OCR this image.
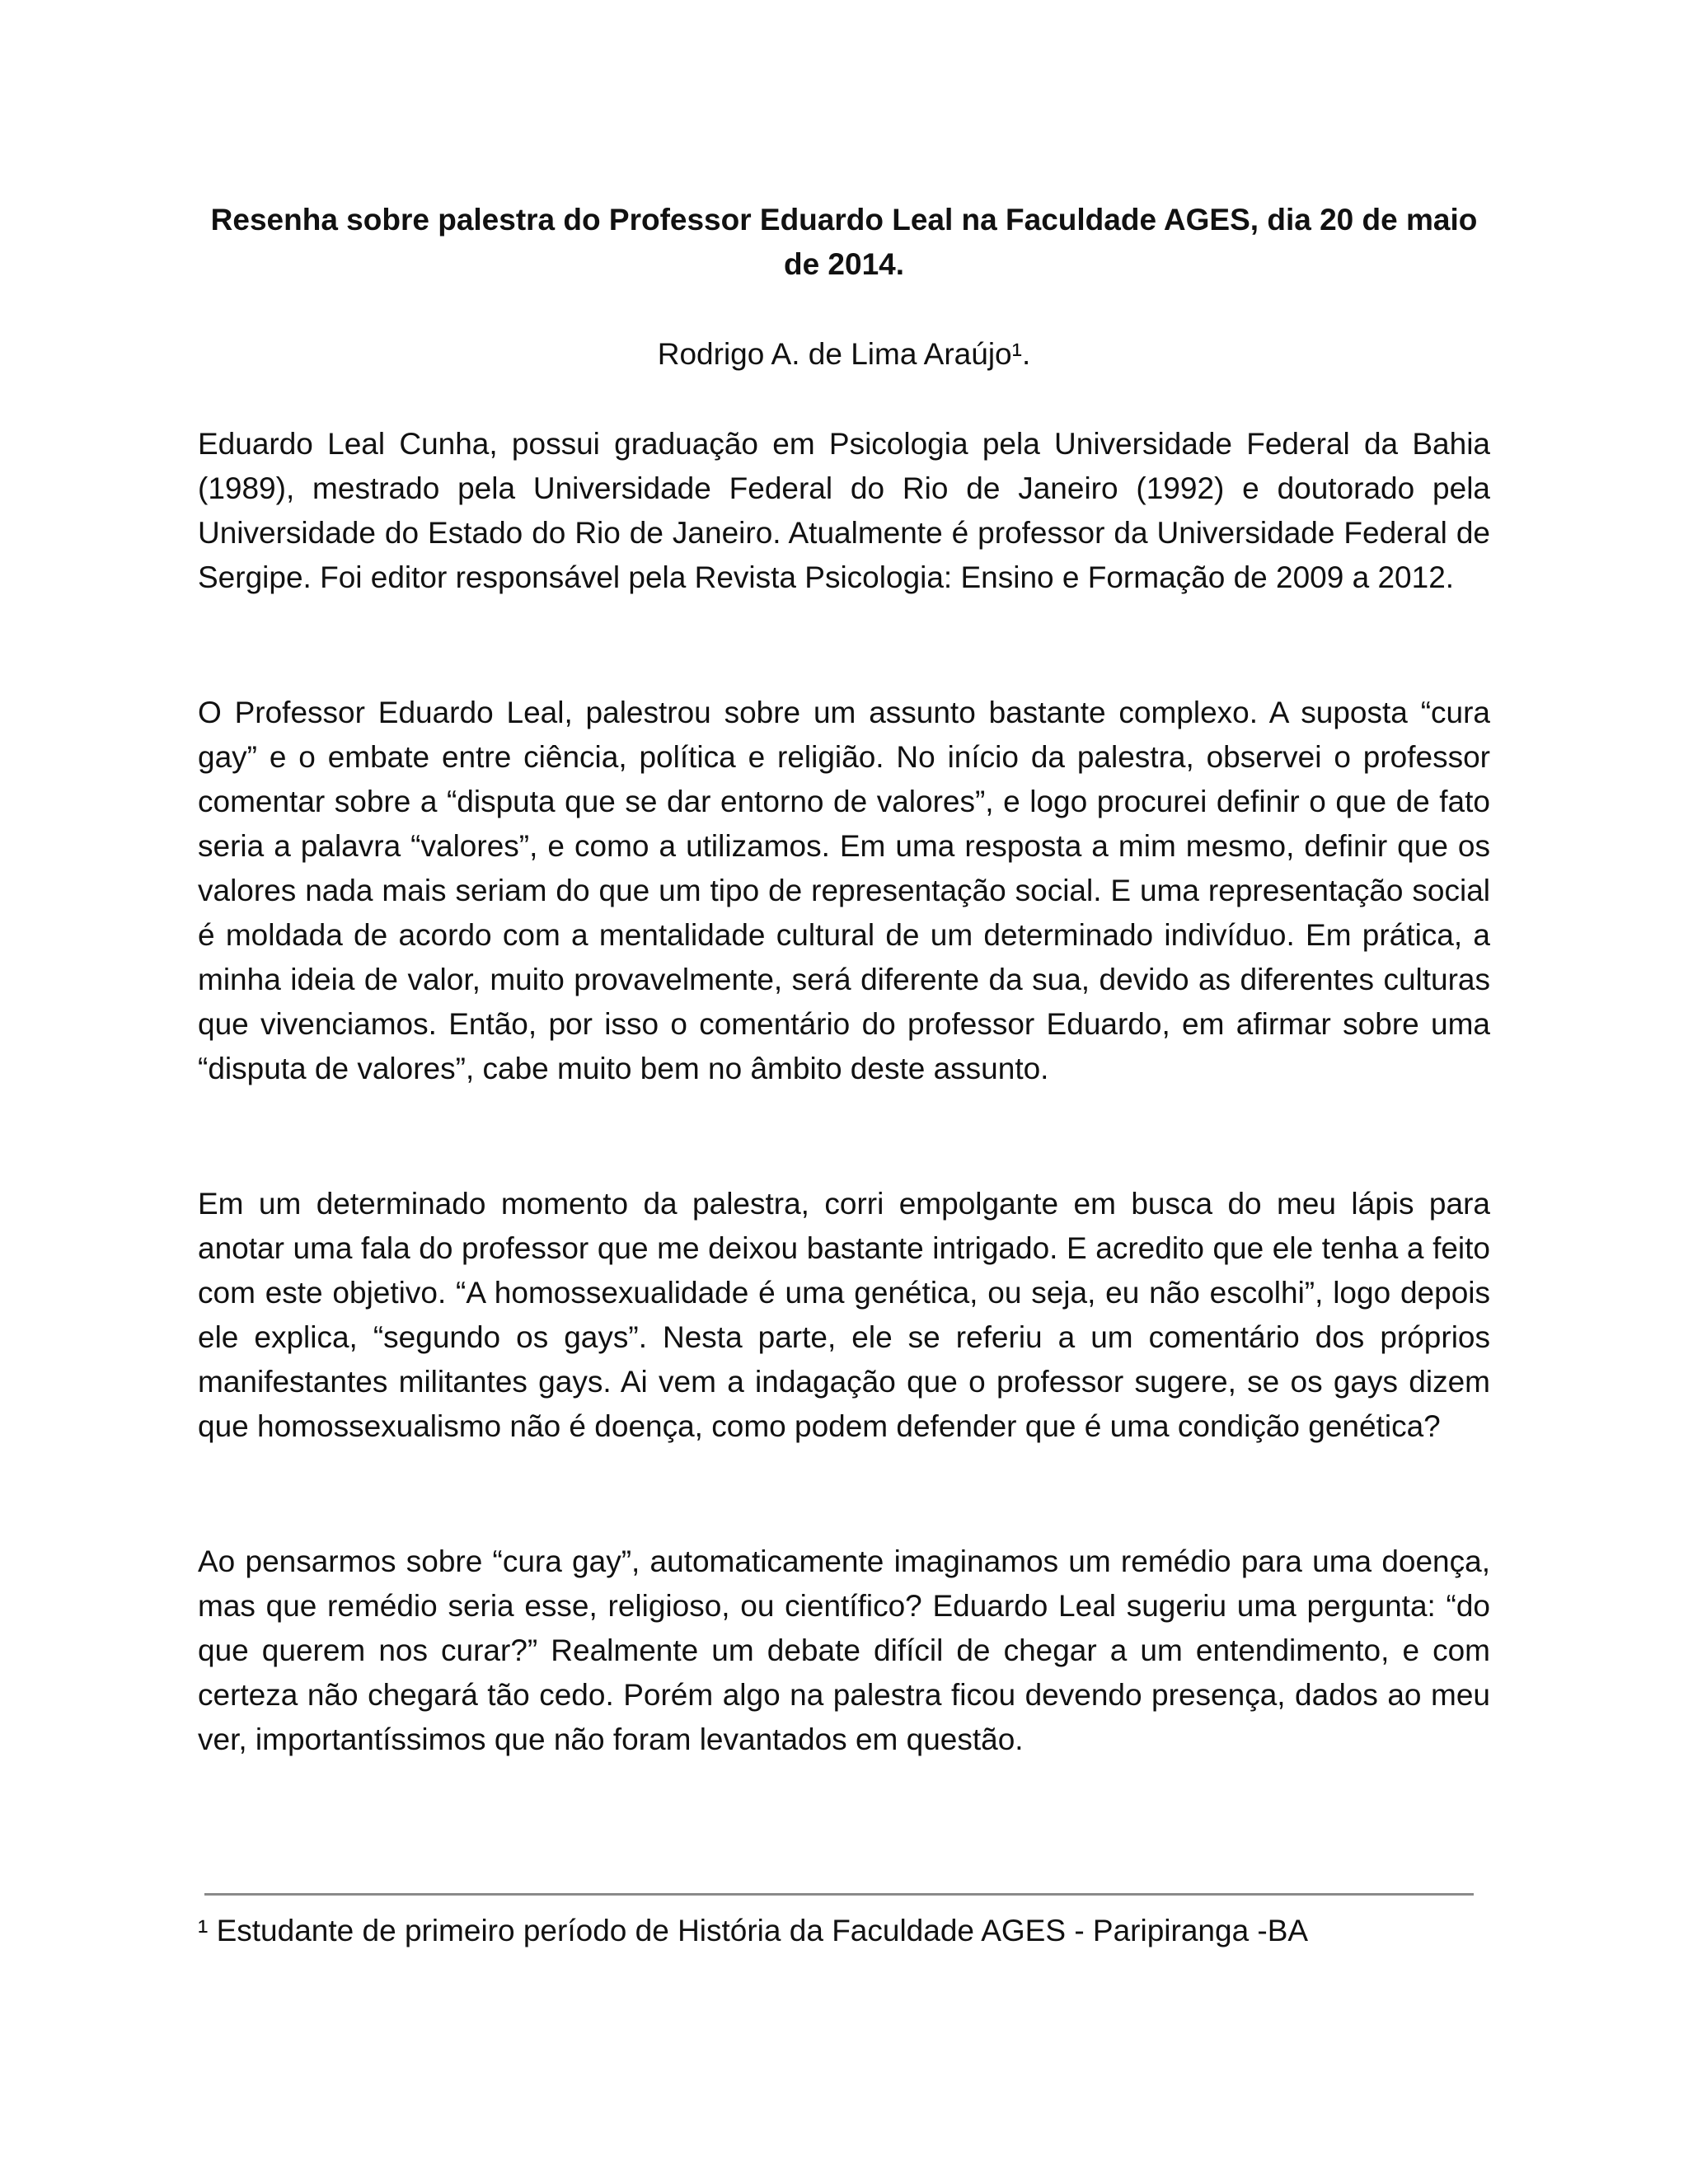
Resenha sobre palestra do Professor Eduardo Leal na Faculdade AGES, dia 20 de maio de 2014.

Rodrigo A. de Lima Araújo¹.

Eduardo Leal Cunha, possui graduação em Psicologia pela Universidade Federal da Bahia (1989), mestrado pela Universidade Federal do Rio de Janeiro (1992) e doutorado pela Universidade do Estado do Rio de Janeiro. Atualmente é professor da Universidade Federal de Sergipe. Foi editor responsável pela Revista Psicologia: Ensino e Formação de 2009 a 2012.

O Professor Eduardo Leal, palestrou sobre um assunto bastante complexo. A suposta “cura gay” e o embate entre ciência, política e religião. No início da palestra, observei o professor comentar sobre a “disputa que se dar entorno de valores”, e logo procurei definir o que de fato seria a palavra “valores”, e como a utilizamos. Em uma resposta a mim mesmo, definir que os valores nada mais seriam do que um tipo de representação social. E uma representação social é moldada de acordo com a mentalidade cultural de um determinado indivíduo. Em prática, a minha ideia de valor, muito provavelmente, será diferente da sua, devido as diferentes culturas que vivenciamos. Então, por isso o comentário do professor Eduardo, em afirmar sobre uma “disputa de valores”, cabe muito bem no âmbito deste assunto.

Em um determinado momento da palestra, corri empolgante em busca do meu lápis para anotar uma fala do professor que me deixou bastante intrigado. E acredito que ele tenha a feito com este objetivo. “A homossexualidade é uma genética, ou seja, eu não escolhi”, logo depois ele explica, “segundo os gays”. Nesta parte, ele se referiu a um comentário dos próprios manifestantes militantes gays. Ai vem a indagação que o professor sugere, se os gays dizem que homossexualismo não é doença, como podem defender que é uma condição genética?

Ao pensarmos sobre “cura gay”, automaticamente imaginamos um remédio para uma doença, mas que remédio seria esse, religioso, ou científico? Eduardo Leal sugeriu uma pergunta: “do que querem nos curar?” Realmente um debate difícil de chegar a um entendimento, e com certeza não chegará tão cedo. Porém algo na palestra ficou devendo presença, dados ao meu ver, importantíssimos que não foram levantados em questão.

¹ Estudante de primeiro período de História da Faculdade AGES - Paripiranga -BA
